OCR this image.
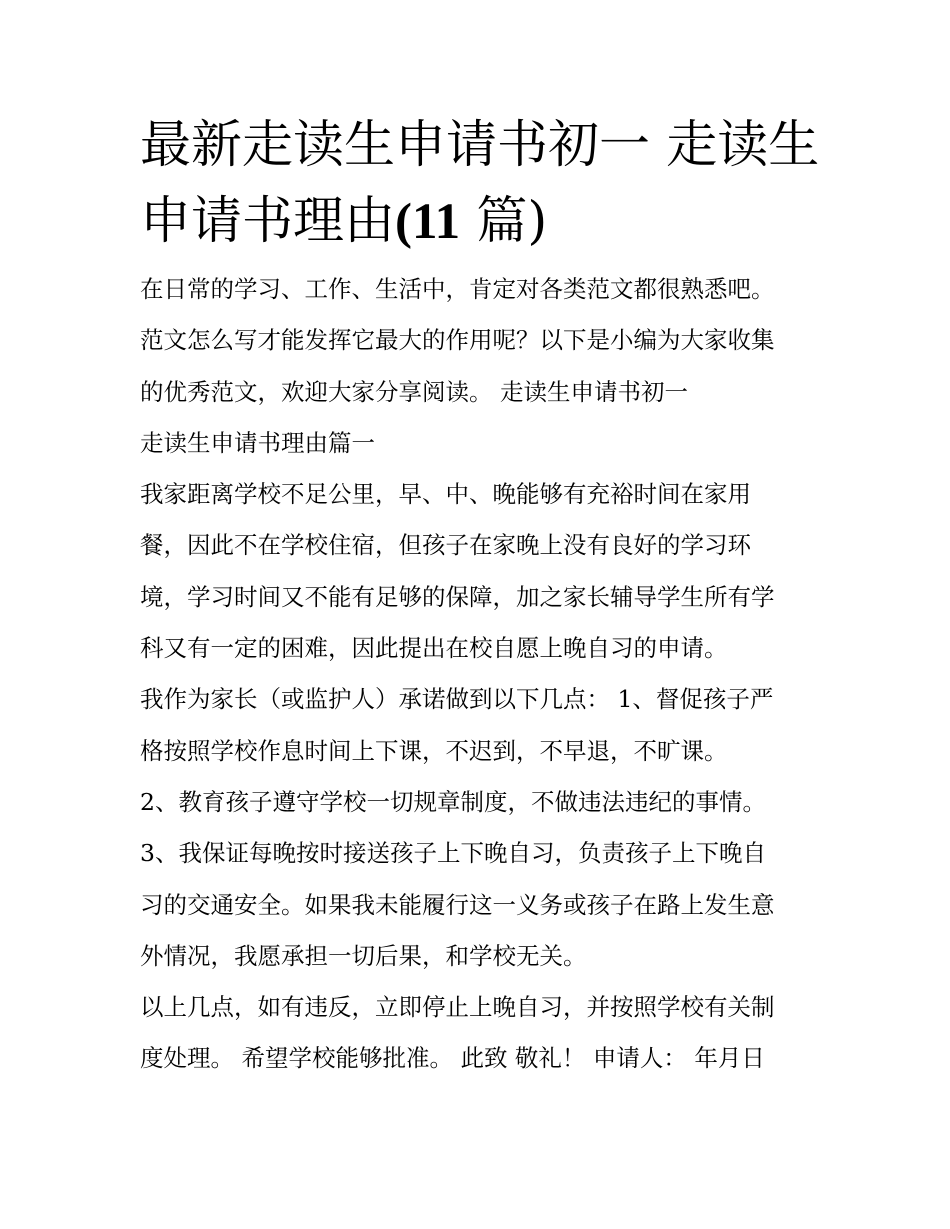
最新走读生申请书初一 走读生申请书理由(11 篇)
在日常的学习、工作、生活中，肯定对各类范文都很熟悉吧。
范文怎么写才能发挥它最大的作用呢？以下是小编为大家收集
的优秀范文，欢迎大家分享阅读。 走读生申请书初一
走读生申请书理由篇一
我家距离学校不足公里，早、中、晚能够有充裕时间在家用
餐，因此不在学校住宿，但孩子在家晚上没有良好的学习环
境，学习时间又不能有足够的保障，加之家长辅导学生所有学
科又有一定的困难，因此提出在校自愿上晚自习的申请。
我作为家长（或监护人）承诺做到以下几点： 1、督促孩子严
格按照学校作息时间上下课，不迟到，不早退，不旷课。
2、教育孩子遵守学校一切规章制度，不做违法违纪的事情。
3、我保证每晚按时接送孩子上下晚自习，负责孩子上下晚自
习的交通安全。如果我未能履行这一义务或孩子在路上发生意
外情况，我愿承担一切后果，和学校无关。
以上几点，如有违反，立即停止上晚自习，并按照学校有关制
度处理。 希望学校能够批准。 此致 敬礼！ 申请人： 年月日
